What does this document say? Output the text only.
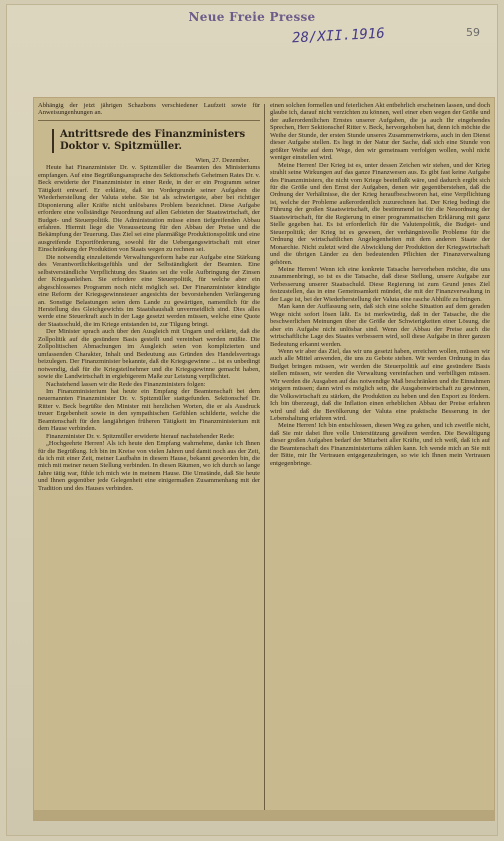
Neue Freie Presse
28/XII.1916	59

Abhängig der jetzt jährigen Schazbons verschiedener Laufzeit sowie für Anweisungenhungen an.

Antrittsrede des Finanzministers Doktor v. Spitzmüller.

Wien, 27. Dezember.

Heute hat Finanzminister Dr. v. Spitzmüller die Beamten des Ministeriums empfangen. Auf eine Begrüßungsansprache des Sektionschefs Geheimen Rates Dr. v. Beck erwiderte der Finanzminister in einer Rede, in der er ein Programm seiner Tätigkeit entwarf. Er erklärte, daß im Vordergrunde seiner Aufgaben die Wiederherstellung der Valuta stehe. Sie ist als schwierigste, aber bei richtiger Disponierung aller Kräfte nicht unlösbares Problem bezeichnet. Diese Aufgabe erfordere eine vollständige Neuordnung auf allen Gebieten der Staatswirtschaft, der Budget- und Steuerpolitik. Die Administration müsse einen tiefgreifenden Abbau erfahren. Hiermit liege die Voraussetzung für den Abbau der Preise und die Bekämpfung der Teuerung. Das Ziel sei eine planmäßige Produktionspolitik und eine ausgreifende Exportförderung, sowohl für die Uebergangswirtschaft mit einer Einschränkung der Produktion von Staats wegen zu rechnen sei.

Die notwendig einzuleitende Verwaltungsreform habe zur Aufgabe eine Stärkung des Verantwortlichkeitsgefühls und der Selbständigkeit der Beamten. Eine selbstverständliche Verpflichtung des Staates sei die volle Aufbringung der Zinsen der Kriegsanleihen. Sie erfordere eine Steuerpolitik, für welche aber ein abgeschlossenes Programm noch nicht möglich sei. Der Finanzminister kündigte eine Reform der Kriegsgewinnsteuer angesichts der bevorstehenden Verlängerung an. Sonstige Belastungen seien dem Lande zu gewärtigen, namentlich für die Herstellung des Gleichgewichts im Staatshaushalt unvermeidlich sind. Dies alles werde eine Steuerkraft auch in der Lage gesetzt werden müssen, welche eine Quote der Staatsschuld, die im Kriege entstanden ist, zur Tilgung bringt.

Der Minister sprach auch über den Ausgleich mit Ungarn und erklärte, daß die Zollpolitik auf die gesündere Basis gestellt und vereinbart werden müßte. Die Zollpolitischen Abmachungen im Ausgleich seien von komplizierten und umfassenden Charakter, Inhalt und Bedeutung aus Gründen des Handelsvertrags beizulegen. Der Finanzminister bekannte, daß die Kriegsgewinne ... ist es unbedingt notwendig, daß für die Kriegsteilnehmer und die Kriegsgewinne gemacht haben, sowie die Landwirtschaft in ergiebigerem Maße zur Leistung verpflichtet.

Nachstehend lassen wir die Rede des Finanzministers folgen:

Im Finanzministerium hat heute ein Empfang der Beamtenschaft bei dem neuernannten Finanzminister Dr. v. Spitzmüller stattgefunden. Sektionschef Dr. Ritter v. Beck begrüßte den Minister mit herzlichen Worten, die er als Ausdruck treuer Ergebenheit sowie in den sympathischen Gefühlen schilderte, welche die Beamtenschaft für den langjährigen früheren Tätigkeit im Finanzministerium mit dem Hause verbinden.

Finanzminister Dr. v. Spitzmüller erwiderte hierauf nachstehender Rede:

„Hochgeehrte Herren! Als ich heute den Empfang wahrnehme, danke ich Ihnen für die Begrüßung. Ich bin im Kreise von vielen Jahren und damit noch aus der Zeit, da ich mit einer Zeit, meiner Laufbahn in diesem Hause, bekannt geworden bin, die mich mit meiner neuen Stellung verbinden. In diesen Räumen, wo ich durch so lange Jahre tätig war, fühle ich mich wie in meinem Hause. Die Umstände, daß Sie heute und Ihnen gegenüber jede Gelegenheit eine einigermaßen Zusammenhang mit der Tradition und des Hauses verbinden.

einen solchen formellen und feierlichen Akt entbehrlich erscheinen lassen, und doch glaube ich, darauf nicht verzichten zu können, weil einer eben wegen der Größe und der außerordentlichen Ernstes unserer Aufgaben, die ja auch Ihr eingehendes Sprechen, Herr Sektionschef Ritter v. Beck, hervorgehoben hat, denn ich möchte die Weihe der Stunde, der ersten Stunde unseres Zusammenwirkens, auch in den Dienst dieser Aufgabe stellen. Es liegt in der Natur der Sache, daß sich eine Stunde von größter Weihe auf dem Wege, den wir gemeinsam verfolgen wollen, wohl nicht weniger einstellen wird.

Meine Herren! Der Krieg ist es, unter dessen Zeichen wir stehen, und der Krieg strahlt seine Wirkungen auf das ganze Finanzwesen aus. Es gibt fast keine Aufgabe des Finanzministers, die nicht vom Kriege beeinflußt wäre, und dadurch ergibt sich für die Größe und den Ernst der Aufgaben, denen wir gegenüberstehen, daß die Ordnung der Verhältnisse, die der Krieg heraufbeschworen hat, eine Verpflichtung ist, welche der Probleme außerordentlich zuzurechnen hat. Der Krieg bedingt die Führung der großen Staatswirtschaft, die bestimmend ist für die Neuordnung der Staatswirtschaft, für die Regierung in einer programmatischen Erklärung mit ganz Stelle gegeben hat. Es ist erforderlich für die Valutenpolitik, die Budget- und Steuerpolitik; der Krieg ist es gewesen, der verhängnisvolle Probleme für die Ordnung der wirtschaftlichen Angelegenheiten mit dem anderen Staate der Monarchie. Nicht zuletzt wird die Abwicklung der Produktion der Kriegswirtschaft und die übrigen Länder zu den bedeutenden Pflichten der Finanzverwaltung gehören.

Meine Herren! Wenn ich eine konkrete Tatsache hervorheben möchte, die uns zusammenbringt, so ist es die Tatsache, daß diese Stellung, unsere Aufgabe zur Verbesserung unserer Staatsschuld. Diese Regierung ist zum Grund jenes Ziel festzustellen, das in eine Gemeinsamkeit mündet, die mit der Finanzverwaltung in der Lage ist, bei der Wiederherstellung der Valuta eine rasche Abhilfe zu bringen.

Man kann der Auffassung sein, daß sich eine solche Situation auf dem geraden Wege nicht sofort lösen läßt. Es ist merkwürdig, daß in der Tatsache, die die beschwerlichen Meinungen über die Größe der Schwierigkeiten einer Lösung, die aber ein Aufgabe nicht unlösbar sind. Wenn der Abbau der Preise auch die wirtschaftliche Lage des Staates verbessern wird, soll diese Aufgabe in ihrer ganzen Bedeutung erkannt werden.

Wenn wir aber das Ziel, das wir uns gesetzt haben, erreichen wollen, müssen wir auch alle Mittel anwenden, die uns zu Gebote stehen. Wir werden Ordnung in das Budget bringen müssen, wir werden die Steuerpolitik auf eine gesündere Basis stellen müssen, wir werden die Verwaltung vereinfachen und verbilligen müssen. Wir werden die Ausgaben auf das notwendige Maß beschränken und die Einnahmen steigern müssen; dann wird es möglich sein, die Ausgabenwirtschaft zu gewinnen, die Volkswirtschaft zu stärken, die Produktion zu heben und den Export zu fördern. Ich bin überzeugt, daß die Inflation einen erheblichen Abbau der Preise erfahren wird und daß die Bevölkerung der Valuta eine praktische Besserung in der Lebenshaltung erfahren wird.

Meine Herren! Ich bin entschlossen, diesen Weg zu gehen, und ich zweifle nicht, daß Sie mir dabei Ihre volle Unterstützung gewähren werden. Die Bewältigung dieser großen Aufgaben bedarf der Mitarbeit aller Kräfte, und ich weiß, daß ich auf die Beamtenschaft des Finanzministeriums zählen kann. Ich wende mich an Sie mit der Bitte, mir Ihr Vertrauen entgegenzubringen, so wie ich Ihnen mein Vertrauen entgegenbringe.
